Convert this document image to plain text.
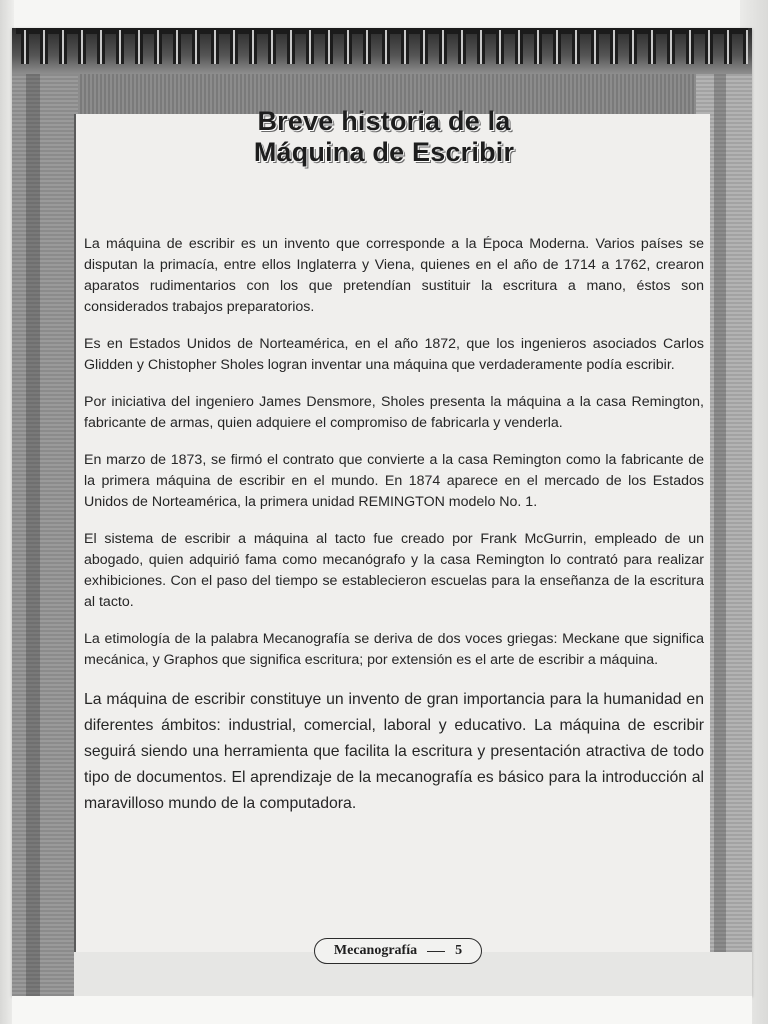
Breve historia de la
Máquina de Escribir

La máquina de escribir es un invento que corresponde a la Época Moderna. Varios países se disputan la primacía, entre ellos Inglaterra y Viena, quienes en el año de 1714 a 1762, crearon aparatos rudimentarios con los que pretendían sustituir la escritura a mano, éstos son considerados trabajos preparatorios.

Es en Estados Unidos de Norteamérica, en el año 1872, que los ingenieros asociados Carlos Glidden y Chistopher Sholes logran inventar una máquina que verdaderamente podía escribir.

Por iniciativa del ingeniero James Densmore, Sholes presenta la máquina a la casa Remington, fabricante de armas, quien adquiere el compromiso de fabricarla y venderla.

En marzo de 1873, se firmó el contrato que convierte a la casa Remington como la fabricante de la primera máquina de escribir en el mundo. En 1874 aparece en el mercado de los Estados Unidos de Norteamérica, la primera unidad REMINGTON modelo No. 1.

El sistema de escribir a máquina al tacto fue creado por Frank McGurrin, empleado de un abogado, quien adquirió fama como mecanógrafo y la casa Remington lo contrató para realizar exhibiciones. Con el paso del tiempo se establecieron escuelas para la enseñanza de la escritura al tacto.

La etimología de la palabra Mecanografía se deriva de dos voces griegas: Meckane que significa mecánica, y Graphos que significa escritura; por extensión es el arte de escribir a máquina.

La máquina de escribir constituye un invento de gran importancia para la humanidad en diferentes ámbitos: industrial, comercial, laboral y educativo. La máquina de escribir seguirá siendo una herramienta que facilita la escritura y presentación atractiva de todo tipo de documentos. El aprendizaje de la mecanografía es básico para la introducción al maravilloso mundo de la computadora.

Mecanografía	5
